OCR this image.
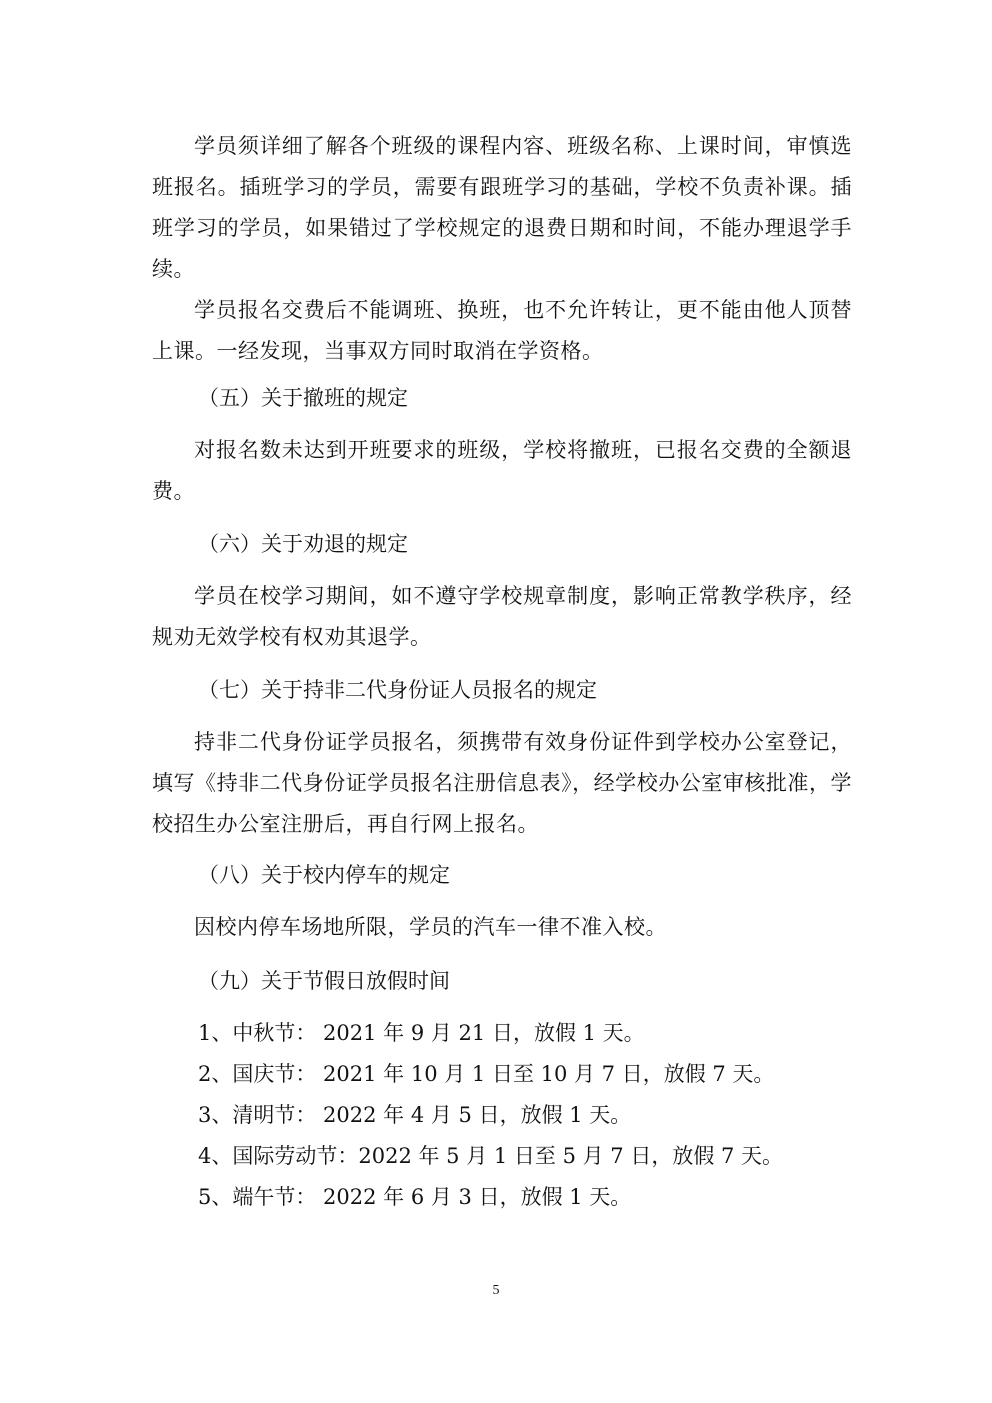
学员须详细了解各个班级的课程内容、班级名称、上课时间，审慎选班报名。插班学习的学员，需要有跟班学习的基础，学校不负责补课。插班学习的学员，如果错过了学校规定的退费日期和时间，不能办理退学手续。

学员报名交费后不能调班、换班，也不允许转让，更不能由他人顶替上课。一经发现，当事双方同时取消在学资格。

（五）关于撤班的规定

对报名数未达到开班要求的班级，学校将撤班，已报名交费的全额退费。

（六）关于劝退的规定

学员在校学习期间，如不遵守学校规章制度，影响正常教学秩序，经规劝无效学校有权劝其退学。

（七）关于持非二代身份证人员报名的规定

持非二代身份证学员报名，须携带有效身份证件到学校办公室登记，填写《持非二代身份证学员报名注册信息表》，经学校办公室审核批准，学校招生办公室注册后，再自行网上报名。

（八）关于校内停车的规定

因校内停车场地所限，学员的汽车一律不准入校。

（九）关于节假日放假时间
1、中秋节： 2021 年 9 月 21 日，放假 1 天。
2、国庆节： 2021 年 10 月 1 日至 10 月 7 日，放假 7 天。
3、清明节： 2022 年 4 月 5 日，放假 1 天。
4、国际劳动节：2022 年 5 月 1 日至 5 月 7 日，放假 7 天。
5、端午节： 2022 年 6 月 3 日，放假 1 天。
5
